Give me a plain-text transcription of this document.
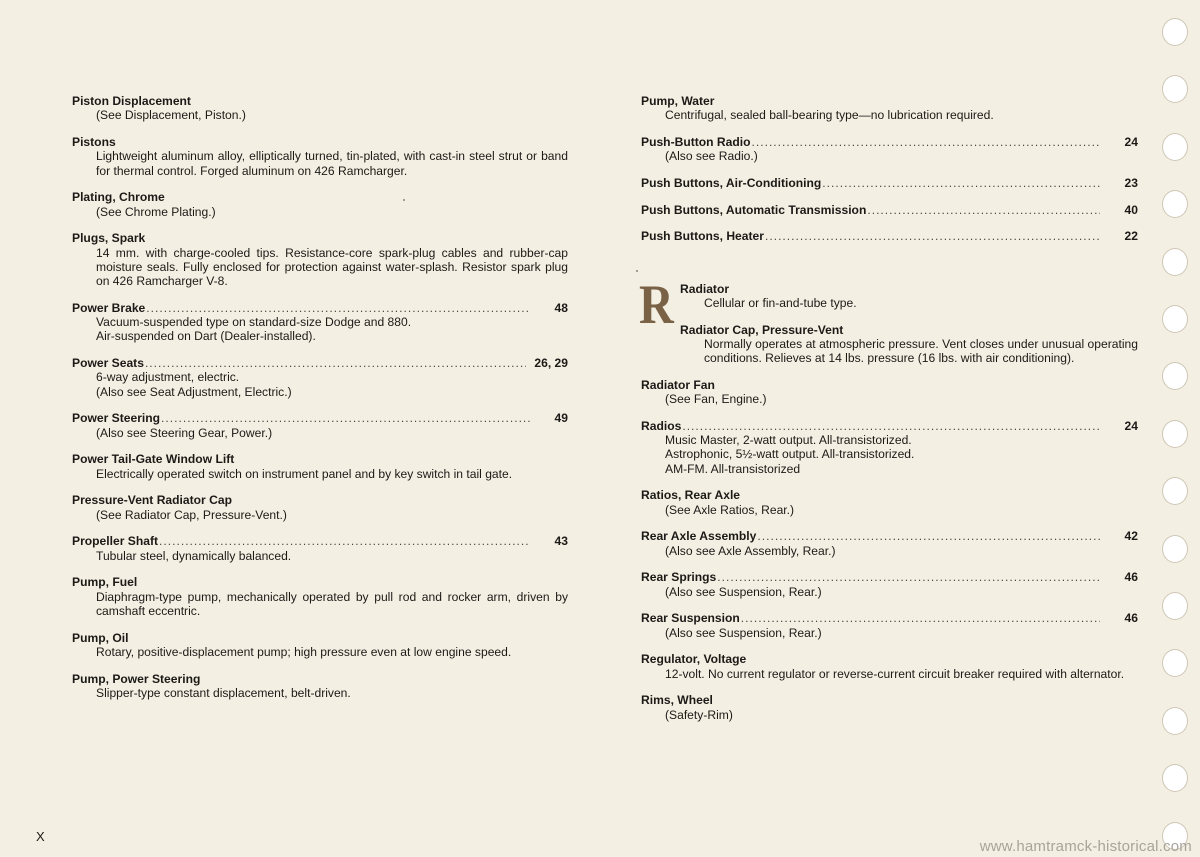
Piston Displacement
(See Displacement, Piston.)
Pistons
Lightweight aluminum alloy, elliptically turned, tin-plated, with cast-in steel strut or band for thermal control. Forged aluminum on 426 Ramcharger.
Plating, Chrome
(See Chrome Plating.)
Plugs, Spark
14 mm. with charge-cooled tips. Resistance-core spark-plug cables and rubber-cap moisture seals. Fully enclosed for protection against water-splash. Resistor spark plug on 426 Ramcharger V-8.
Power Brake .....	48
Vacuum-suspended type on standard-size Dodge and 880.
Air-suspended on Dart (Dealer-installed).
Power Seats .....	26, 29
6-way adjustment, electric.
(Also see Seat Adjustment, Electric.)
Power Steering .....	49
(Also see Steering Gear, Power.)
Power Tail-Gate Window Lift
Electrically operated switch on instrument panel and by key switch in tail gate.
Pressure-Vent Radiator Cap
(See Radiator Cap, Pressure-Vent.)
Propeller Shaft .....	43
Tubular steel, dynamically balanced.
Pump, Fuel
Diaphragm-type pump, mechanically operated by pull rod and rocker arm, driven by camshaft eccentric.
Pump, Oil
Rotary, positive-displacement pump; high pressure even at low engine speed.
Pump, Power Steering
Slipper-type constant displacement, belt-driven.
Pump, Water
Centrifugal, sealed ball-bearing type—no lubrication required.
Push-Button Radio .....	24
(Also see Radio.)
Push Buttons, Air-Conditioning .....	23
Push Buttons, Automatic Transmission .....	40
Push Buttons, Heater .....	22
R Radiator
Cellular or fin-and-tube type.
Radiator Cap, Pressure-Vent
Normally operates at atmospheric pressure. Vent closes under unusual operating conditions. Relieves at 14 lbs. pressure (16 lbs. with air conditioning).
Radiator Fan
(See Fan, Engine.)
Radios .....	24
Music Master, 2-watt output. All-transistorized.
Astrophonic, 5½-watt output. All-transistorized.
AM-FM. All-transistorized
Ratios, Rear Axle
(See Axle Ratios, Rear.)
Rear Axle Assembly .....	42
(Also see Axle Assembly, Rear.)
Rear Springs .....	46
(Also see Suspension, Rear.)
Rear Suspension .....	46
(Also see Suspension, Rear.)
Regulator, Voltage
12-volt. No current regulator or reverse-current circuit breaker required with alternator.
Rims, Wheel
(Safety-Rim)
X
www.hamtramck-historical.com
